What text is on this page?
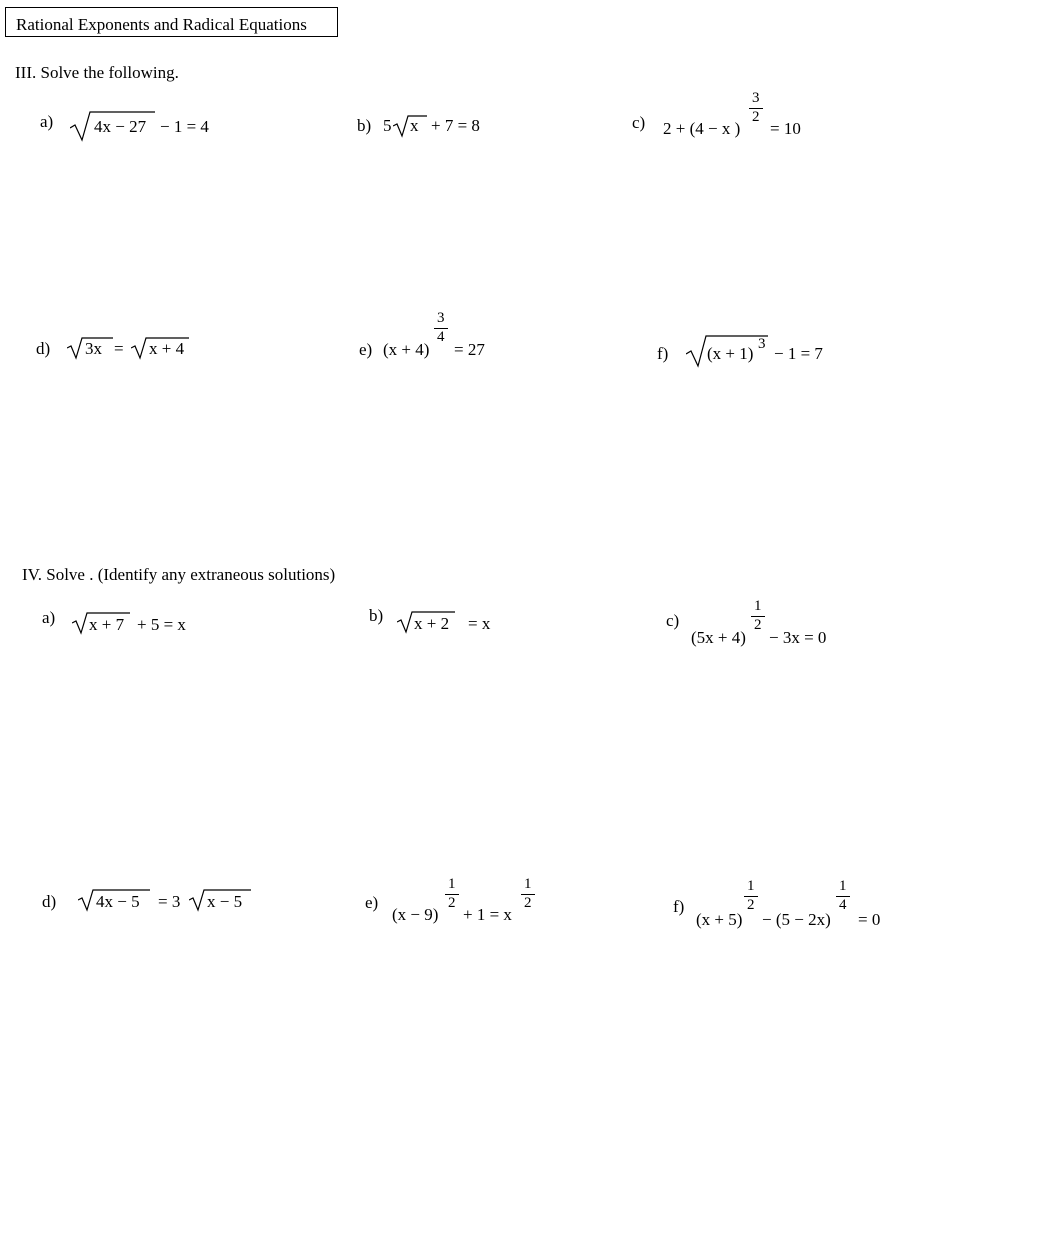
Rational Exponents and Radical Equations
III. Solve the following.
a) 4x − 27 − 1 = 4	b) 5 x + 7 = 8	c) 2 + (4 − x )
3
2
= 10
d) 3x = x + 4	e) (x + 4)
3
4
= 27	f) (x + 1) 3 − 1 = 7
IV. Solve . (Identify any extraneous solutions)
a) x + 7 + 5 = x	b) x + 2 = x	c)
(5x + 4)
1
2
− 3x = 0
d) 4x − 5 = 3 x − 5	e)
(x − 9)
1
2
+ 1 = x
1
2	f)
(x + 5)
1
2
− (5 − 2x)
1
4
= 0
